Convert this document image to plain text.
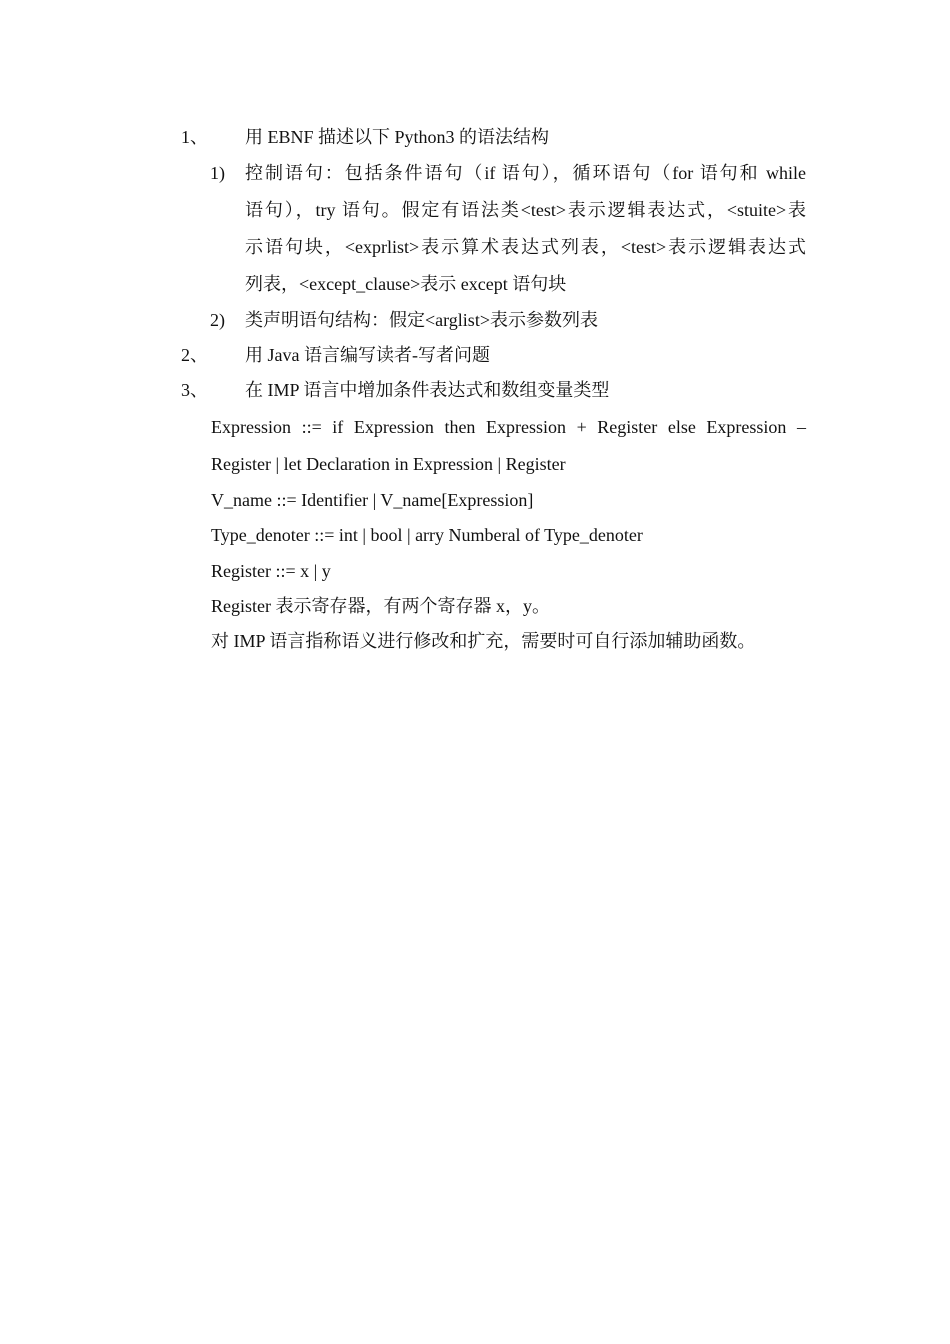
1、 用 EBNF 描述以下 Python3 的语法结构
1) 控制语句：包括条件语句（if 语句），循环语句（for 语句和 while
语句），try 语句。假定有语法类<test>表示逻辑表达式，<stuite>表
示语句块，<exprlist>表示算术表达式列表，<test>表示逻辑表达式
列表，<except_clause>表示 except 语句块
2) 类声明语句结构：假定<arglist>表示参数列表
2、 用 Java 语言编写读者-写者问题
3、 在 IMP 语言中增加条件表达式和数组变量类型
Expression ::= if Expression then Expression + Register else Expression –
Register | let Declaration in Expression | Register
V_name ::= Identifier | V_name[Expression]
Type_denoter ::= int | bool | arry Numberal of Type_denoter
Register ::= x | y
Register 表示寄存器，有两个寄存器 x，y。
对 IMP 语言指称语义进行修改和扩充，需要时可自行添加辅助函数。
